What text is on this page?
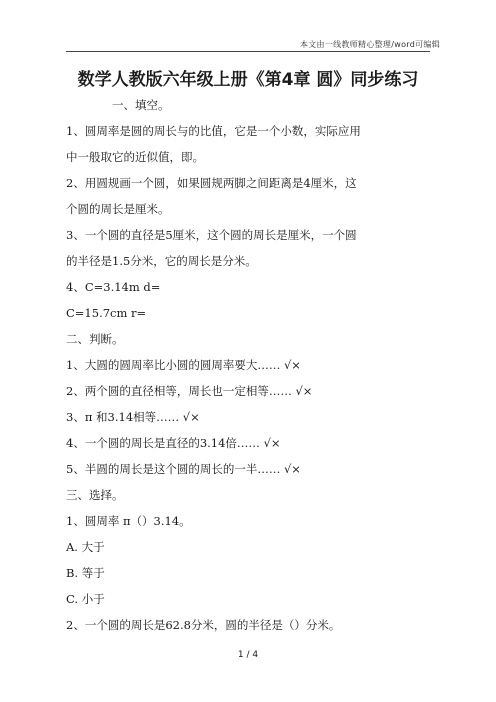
本文由一线教师精心整理/word可编辑
数学人教版六年级上册《第4章 圆》同步练习

一、填空。

1、圆周率是圆的周长与的比值，它是一个小数，实际应用

中一般取它的近似值，即。

2、用圆规画一个圆，如果圆规两脚之间距离是4厘米，这

个圆的周长是厘米。

3、一个圆的直径是5厘米，这个圆的周长是厘米，一个圆

的半径是1.5分米，它的周长是分米。

4、C=3.14m d=

C=15.7cm r=

二、判断。

1、大圆的圆周率比小圆的圆周率要大…… √×

2、两个圆的直径相等，周长也一定相等…… √×

3、π 和3.14相等…… √×

4、一个圆的周长是直径的3.14倍…… √×

5、半圆的周长是这个圆的周长的一半…… √×

三、选择。

1、圆周率 π（）3.14。

A. 大于

B. 等于

C. 小于

2、一个圆的周长是62.8分米，圆的半径是（）分米。

1 / 4
